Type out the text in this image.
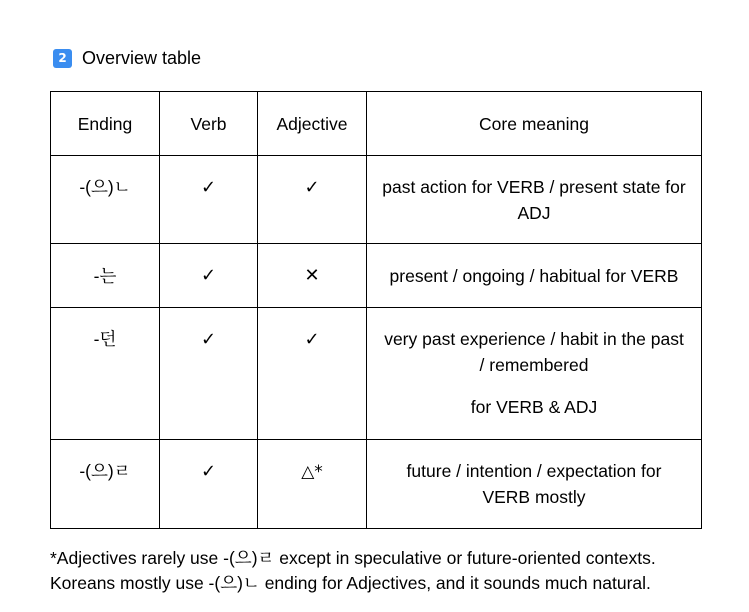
2 Overview table
Ending	Verb	Adjective	Core meaning
-(으)ㄴ	✓	✓	past action for VERB / present state for ADJ

-는	✓	✕	present / ongoing / habitual for VERB

-던	✓	✓	very past experience / habit in the past / remembered
for VERB & ADJ

-(으)ㄹ	✓	△*	future / intention / expectation for VERB mostly
*Adjectives rarely use -(으)ㄹ except in speculative or future-oriented contexts.
Koreans mostly use -(으)ㄴ ending for Adjectives, and it sounds much natural.
